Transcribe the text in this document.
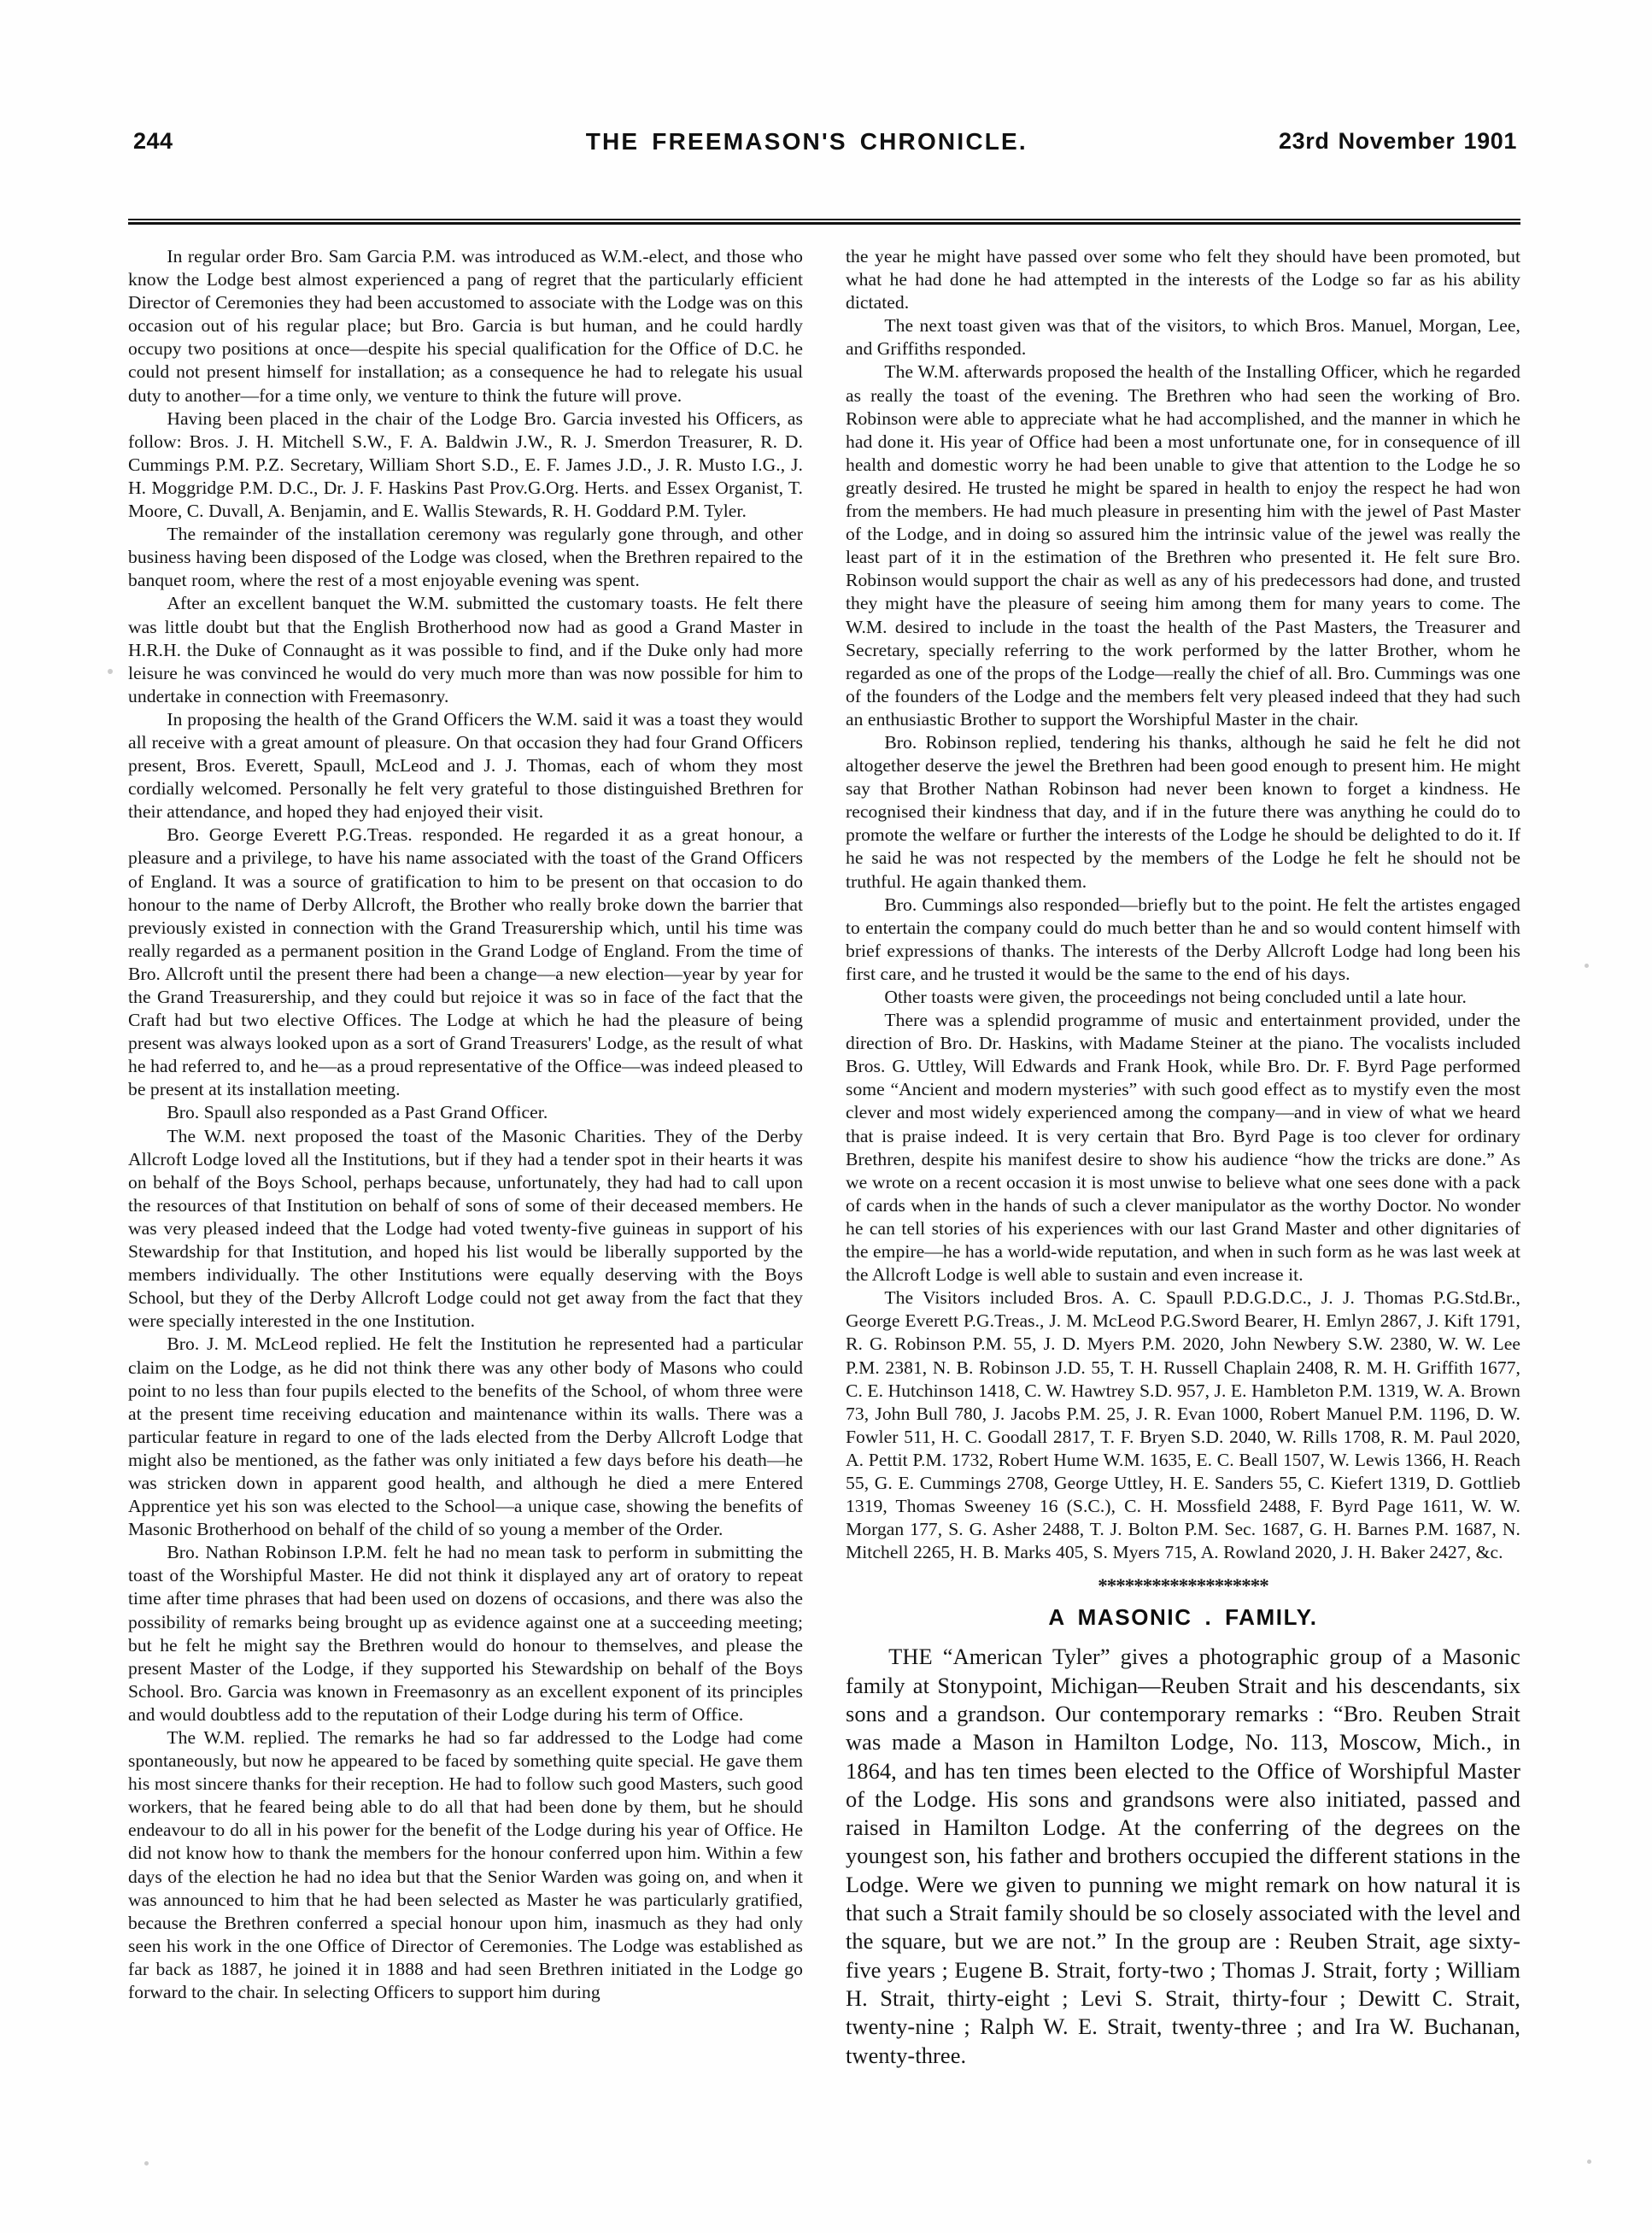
244	THE FREEMASON'S CHRONICLE.	23rd November 1901

In regular order Bro. Sam Garcia P.M. was introduced as W.M.-elect, and those who know the Lodge best almost experienced a pang of regret that the particularly efficient Director of Ceremonies they had been accustomed to associate with the Lodge was on this occasion out of his regular place; but Bro. Garcia is but human, and he could hardly occupy two positions at once—despite his special qualification for the Office of D.C. he could not present himself for installation; as a consequence he had to relegate his usual duty to another—for a time only, we venture to think the future will prove.

Having been placed in the chair of the Lodge Bro. Garcia invested his Officers, as follow: Bros. J. H. Mitchell S.W., F. A. Baldwin J.W., R. J. Smerdon Treasurer, R. D. Cummings P.M. P.Z. Secretary, William Short S.D., E. F. James J.D., J. R. Musto I.G., J. H. Moggridge P.M. D.C., Dr. J. F. Haskins Past Prov.G.Org. Herts. and Essex Organist, T. Moore, C. Duvall, A. Benjamin, and E. Wallis Stewards, R. H. Goddard P.M. Tyler.

The remainder of the installation ceremony was regularly gone through, and other business having been disposed of the Lodge was closed, when the Brethren repaired to the banquet room, where the rest of a most enjoyable evening was spent.

After an excellent banquet the W.M. submitted the customary toasts. He felt there was little doubt but that the English Brotherhood now had as good a Grand Master in H.R.H. the Duke of Connaught as it was possible to find, and if the Duke only had more leisure he was convinced he would do very much more than was now possible for him to undertake in connection with Freemasonry.

In proposing the health of the Grand Officers the W.M. said it was a toast they would all receive with a great amount of pleasure. On that occasion they had four Grand Officers present, Bros. Everett, Spaull, McLeod and J. J. Thomas, each of whom they most cordially welcomed. Personally he felt very grateful to those distinguished Brethren for their attendance, and hoped they had enjoyed their visit.

Bro. George Everett P.G.Treas. responded. He regarded it as a great honour, a pleasure and a privilege, to have his name associated with the toast of the Grand Officers of England. It was a source of gratification to him to be present on that occasion to do honour to the name of Derby Allcroft, the Brother who really broke down the barrier that previously existed in connection with the Grand Treasurership which, until his time was really regarded as a permanent position in the Grand Lodge of England. From the time of Bro. Allcroft until the present there had been a change—a new election—year by year for the Grand Treasurership, and they could but rejoice it was so in face of the fact that the Craft had but two elective Offices. The Lodge at which he had the pleasure of being present was always looked upon as a sort of Grand Treasurers' Lodge, as the result of what he had referred to, and he—as a proud representative of the Office—was indeed pleased to be present at its installation meeting.

Bro. Spaull also responded as a Past Grand Officer.

The W.M. next proposed the toast of the Masonic Charities. They of the Derby Allcroft Lodge loved all the Institutions, but if they had a tender spot in their hearts it was on behalf of the Boys School, perhaps because, unfortunately, they had had to call upon the resources of that Institution on behalf of sons of some of their deceased members. He was very pleased indeed that the Lodge had voted twenty-five guineas in support of his Stewardship for that Institution, and hoped his list would be liberally supported by the members individually. The other Institutions were equally deserving with the Boys School, but they of the Derby Allcroft Lodge could not get away from the fact that they were specially interested in the one Institution.

Bro. J. M. McLeod replied. He felt the Institution he represented had a particular claim on the Lodge, as he did not think there was any other body of Masons who could point to no less than four pupils elected to the benefits of the School, of whom three were at the present time receiving education and maintenance within its walls. There was a particular feature in regard to one of the lads elected from the Derby Allcroft Lodge that might also be mentioned, as the father was only initiated a few days before his death—he was stricken down in apparent good health, and although he died a mere Entered Apprentice yet his son was elected to the School—a unique case, showing the benefits of Masonic Brotherhood on behalf of the child of so young a member of the Order.

Bro. Nathan Robinson I.P.M. felt he had no mean task to perform in submitting the toast of the Worshipful Master. He did not think it displayed any art of oratory to repeat time after time phrases that had been used on dozens of occasions, and there was also the possibility of remarks being brought up as evidence against one at a succeeding meeting; but he felt he might say the Brethren would do honour to themselves, and please the present Master of the Lodge, if they supported his Stewardship on behalf of the Boys School. Bro. Garcia was known in Freemasonry as an excellent exponent of its principles and would doubtless add to the reputation of their Lodge during his term of Office.

The W.M. replied. The remarks he had so far addressed to the Lodge had come spontaneously, but now he appeared to be faced by something quite special. He gave them his most sincere thanks for their reception. He had to follow such good Masters, such good workers, that he feared being able to do all that had been done by them, but he should endeavour to do all in his power for the benefit of the Lodge during his year of Office. He did not know how to thank the members for the honour conferred upon him. Within a few days of the election he had no idea but that the Senior Warden was going on, and when it was announced to him that he had been selected as Master he was particularly gratified, because the Brethren conferred a special honour upon him, inasmuch as they had only seen his work in the one Office of Director of Ceremonies. The Lodge was established as far back as 1887, he joined it in 1888 and had seen Brethren initiated in the Lodge go forward to the chair. In selecting Officers to support him during

the year he might have passed over some who felt they should have been promoted, but what he had done he had attempted in the interests of the Lodge so far as his ability dictated.

The next toast given was that of the visitors, to which Bros. Manuel, Morgan, Lee, and Griffiths responded.

The W.M. afterwards proposed the health of the Installing Officer, which he regarded as really the toast of the evening. The Brethren who had seen the working of Bro. Robinson were able to appreciate what he had accomplished, and the manner in which he had done it. His year of Office had been a most unfortunate one, for in consequence of ill health and domestic worry he had been unable to give that attention to the Lodge he so greatly desired. He trusted he might be spared in health to enjoy the respect he had won from the members. He had much pleasure in presenting him with the jewel of Past Master of the Lodge, and in doing so assured him the intrinsic value of the jewel was really the least part of it in the estimation of the Brethren who presented it. He felt sure Bro. Robinson would support the chair as well as any of his predecessors had done, and trusted they might have the pleasure of seeing him among them for many years to come. The W.M. desired to include in the toast the health of the Past Masters, the Treasurer and Secretary, specially referring to the work performed by the latter Brother, whom he regarded as one of the props of the Lodge—really the chief of all. Bro. Cummings was one of the founders of the Lodge and the members felt very pleased indeed that they had such an enthusiastic Brother to support the Worshipful Master in the chair.

Bro. Robinson replied, tendering his thanks, although he said he felt he did not altogether deserve the jewel the Brethren had been good enough to present him. He might say that Brother Nathan Robinson had never been known to forget a kindness. He recognised their kindness that day, and if in the future there was anything he could do to promote the welfare or further the interests of the Lodge he should be delighted to do it. If he said he was not respected by the members of the Lodge he felt he should not be truthful. He again thanked them.

Bro. Cummings also responded—briefly but to the point. He felt the artistes engaged to entertain the company could do much better than he and so would content himself with brief expressions of thanks. The interests of the Derby Allcroft Lodge had long been his first care, and he trusted it would be the same to the end of his days.

Other toasts were given, the proceedings not being concluded until a late hour.

There was a splendid programme of music and entertainment provided, under the direction of Bro. Dr. Haskins, with Madame Steiner at the piano. The vocalists included Bros. G. Uttley, Will Edwards and Frank Hook, while Bro. Dr. F. Byrd Page performed some “Ancient and modern mysteries” with such good effect as to mystify even the most clever and most widely experienced among the company—and in view of what we heard that is praise indeed. It is very certain that Bro. Byrd Page is too clever for ordinary Brethren, despite his manifest desire to show his audience “how the tricks are done.” As we wrote on a recent occasion it is most unwise to believe what one sees done with a pack of cards when in the hands of such a clever manipulator as the worthy Doctor. No wonder he can tell stories of his experiences with our last Grand Master and other dignitaries of the empire—he has a world-wide reputation, and when in such form as he was last week at the Allcroft Lodge is well able to sustain and even increase it.

The Visitors included Bros. A. C. Spaull P.D.G.D.C., J. J. Thomas P.G.Std.Br., George Everett P.G.Treas., J. M. McLeod P.G.Sword Bearer, H. Emlyn 2867, J. Kift 1791, R. G. Robinson P.M. 55, J. D. Myers P.M. 2020, John Newbery S.W. 2380, W. W. Lee P.M. 2381, N. B. Robinson J.D. 55, T. H. Russell Chaplain 2408, R. M. H. Griffith 1677, C. E. Hutchinson 1418, C. W. Hawtrey S.D. 957, J. E. Hambleton P.M. 1319, W. A. Brown 73, John Bull 780, J. Jacobs P.M. 25, J. R. Evan 1000, Robert Manuel P.M. 1196, D. W. Fowler 511, H. C. Goodall 2817, T. F. Bryen S.D. 2040, W. Rills 1708, R. M. Paul 2020, A. Pettit P.M. 1732, Robert Hume W.M. 1635, E. C. Beall 1507, W. Lewis 1366, H. Reach 55, G. E. Cummings 2708, George Uttley, H. E. Sanders 55, C. Kiefert 1319, D. Gottlieb 1319, Thomas Sweeney 16 (S.C.), C. H. Mossfield 2488, F. Byrd Page 1611, W. W. Morgan 177, S. G. Asher 2488, T. J. Bolton P.M. Sec. 1687, G. H. Barnes P.M. 1687, N. Mitchell 2265, H. B. Marks 405, S. Myers 715, A. Rowland 2020, J. H. Baker 2427, &c.

*******************
A MASONIC . FAMILY.

THE “American Tyler” gives a photographic group of a Masonic family at Stonypoint, Michigan—Reuben Strait and his descendants, six sons and a grandson. Our contemporary remarks : “Bro. Reuben Strait was made a Mason in Hamilton Lodge, No. 113, Moscow, Mich., in 1864, and has ten times been elected to the Office of Worshipful Master of the Lodge. His sons and grandsons were also initiated, passed and raised in Hamilton Lodge. At the conferring of the degrees on the youngest son, his father and brothers occupied the different stations in the Lodge. Were we given to punning we might remark on how natural it is that such a Strait family should be so closely associated with the level and the square, but we are not.” In the group are : Reuben Strait, age sixty-five years ; Eugene B. Strait, forty-two ; Thomas J. Strait, forty ; William H. Strait, thirty-eight ; Levi S. Strait, thirty-four ; Dewitt C. Strait, twenty-nine ; Ralph W. E. Strait, twenty-three ; and Ira W. Buchanan, twenty-three.
